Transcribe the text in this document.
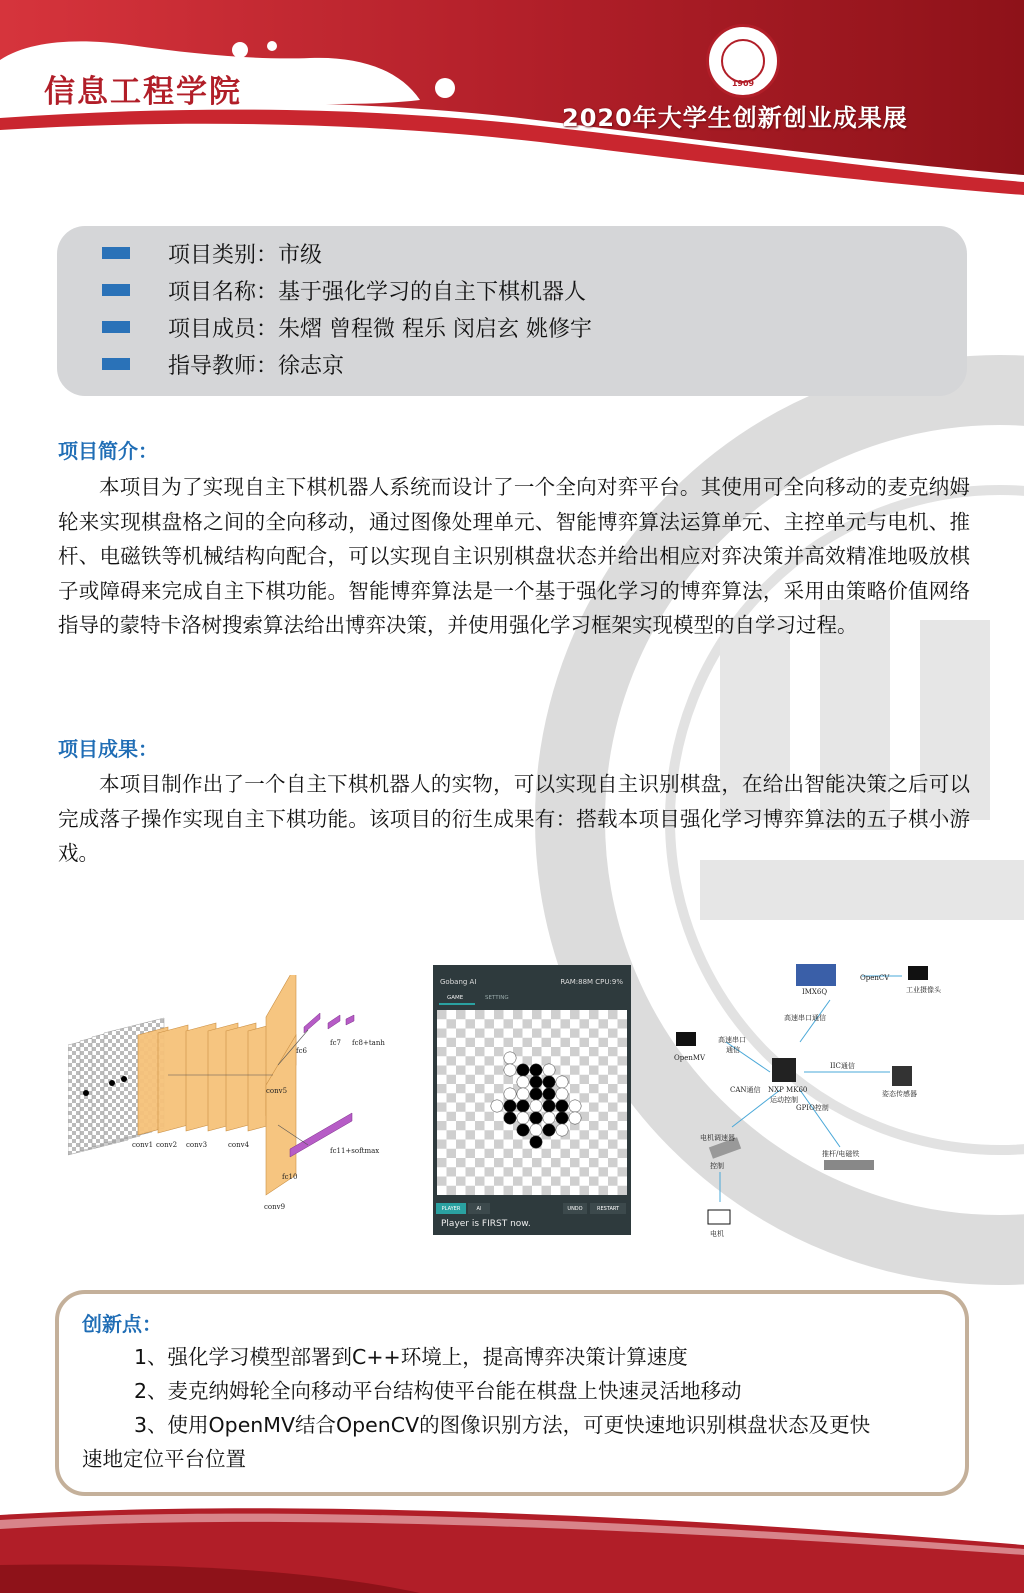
信息工程学院	1909
2020年大学生创新创业成果展
项目类别：市级
项目名称：基于强化学习的自主下棋机器人
项目成员：朱熠 曾程微 程乐 闵启玄 姚修宇
指导教师：徐志京
项目简介：
本项目为了实现自主下棋机器人系统而设计了一个全向对弈平台。其使用可全向移动的麦克纳姆轮来实现棋盘格之间的全向移动，通过图像处理单元、智能博弈算法运算单元、主控单元与电机、推杆、电磁铁等机械结构向配合，可以实现自主识别棋盘状态并给出相应对弈决策并高效精准地吸放棋子或障碍来完成自主下棋功能。智能博弈算法是一个基于强化学习的博弈算法，采用由策略价值网络指导的蒙特卡洛树搜索算法给出博弈决策，并使用强化学习框架实现模型的自学习过程。
项目成果：
本项目制作出了一个自主下棋机器人的实物，可以实现自主识别棋盘，在给出智能决策之后可以完成落子操作实现自主下棋功能。该项目的衍生成果有：搭载本项目强化学习博弈算法的五子棋小游戏。
conv1 conv2 conv3	conv4
conv5
conv9
fc6
fc7 fc8+tanh
fc10
fc11+softmax
Gobang AI	RAM:88M CPU:9%
GAME	SETTING
PLAYER	AI	UNDO	RESTART
Player is FIRST now.
IMX6Q
OpenCV
工业摄像头
高速串口通信
OpenMV
高速串口
通信
IIC通信
姿态传感器
NXP MK60
运动控制
CAN通信
GPIO控制
电机调速器
推杆/电磁铁
控制
电机
创新点：
1、强化学习模型部署到C++环境上，提高博弈决策计算速度
2、麦克纳姆轮全向移动平台结构使平台能在棋盘上快速灵活地移动
3、使用OpenMV结合OpenCV的图像识别方法，可更快速地识别棋盘状态及更快
速地定位平台位置
